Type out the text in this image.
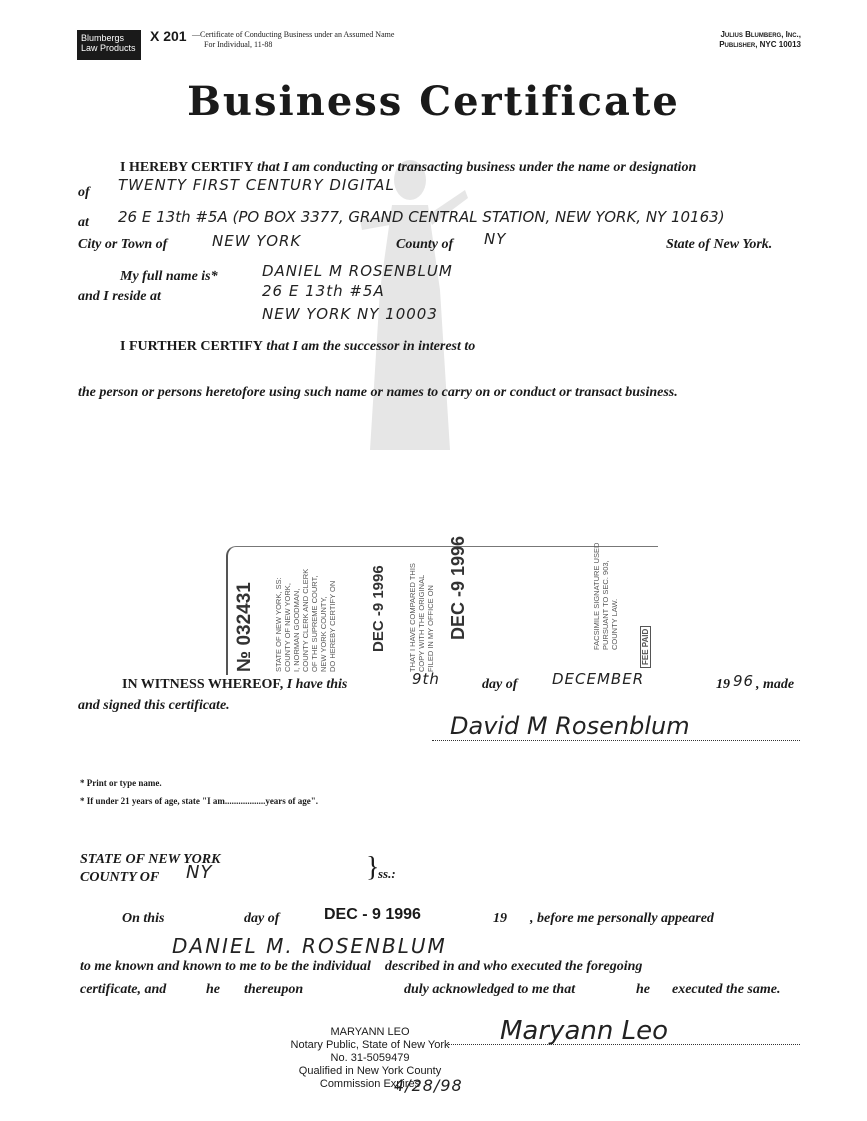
Blumbergs Law Products
X 201 —Certificate of Conducting Business under an Assumed Name
For Individual, 11-88
Julius Blumberg, Inc.,
Publisher, NYC 10013
Business Certificate
I HEREBY CERTIFY that I am conducting or transacting business under the name or designation
of TWENTY FIRST CENTURY DIGITAL
at 26 E 13th #5A (PO BOX 3377, GRAND CENTRAL STATION, NEW YORK, NY 10163)
City or Town of	NEW YORK	County of NY	State of New York.
My full name is*	DANIEL M ROSENBLUM
and I reside at	26 E 13th #5A
NEW YORK NY 10003
I FURTHER CERTIFY that I am the successor in interest to
the person or persons heretofore using such name or names to carry on or conduct or transact business.
№ 032431	STATE OF NEW YORK, SS: COUNTY OF NEW YORK, I, NORMAN GOODMAN, COUNTY CLERK AND CLERK OF THE SUPREME COURT, NEW YORK COUNTY, DO HEREBY CERTIFY ON DEC -9 1996	THAT I HAVE COMPARED THIS COPY WITH THE ORIGINAL FILED IN MY OFFICE ON DEC -9 1996	FACSIMILE SIGNATURE USED PURSUANT TO SEC. 903, COUNTY LAW.	FEE PAID
IN WITNESS WHEREOF, I have this	9th	day of DECEMBER	19 96 , made
and signed this certificate.
David M Rosenblum
* Print or type name.
* If under 21 years of age, state "I am..................years of age".
STATE OF NEW YORK
COUNTY OF NY	}
ss.:
On this	day of	DEC - 9 1996	19 , before me personally appeared
DANIEL M. ROSENBLUM
to me known and known to me to be the individual    described in and who executed the foregoing
certificate, and	he thereupon	duly acknowledged to me that	he executed the same.
MARYANN LEO
Notary Public, State of New York
No. 31-5059479
Qualified in New York County
Commission Expires
4/28/98
Maryann Leo
